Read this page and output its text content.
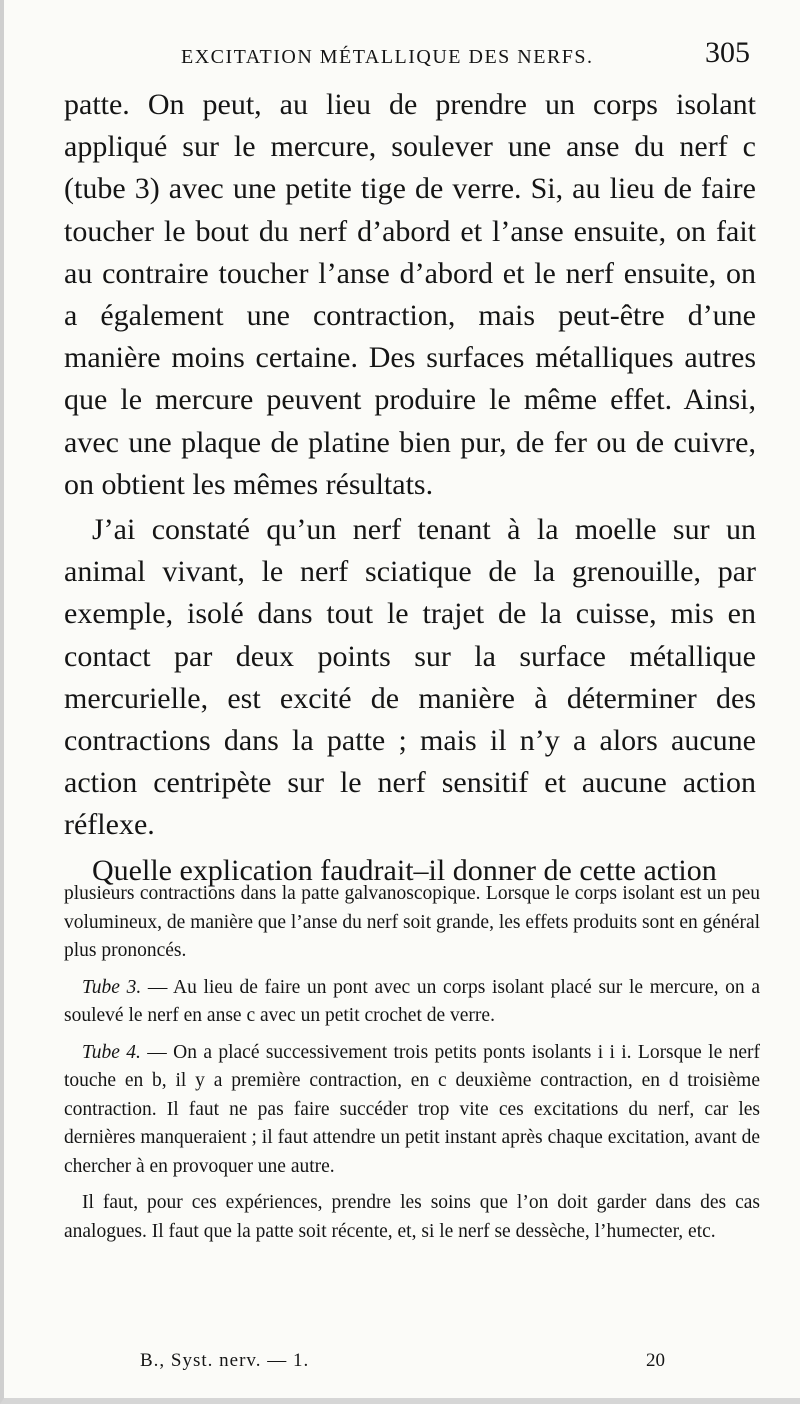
EXCITATION MÉTALLIQUE DES NERFS.	305

patte. On peut, au lieu de prendre un corps isolant appliqué sur le mercure, soulever une anse du nerf c (tube 3) avec une petite tige de verre. Si, au lieu de faire toucher le bout du nerf d’abord et l’anse ensuite, on fait au contraire toucher l’anse d’abord et le nerf ensuite, on a également une contraction, mais peut-être d’une manière moins certaine. Des surfaces métalliques autres que le mercure peuvent produire le même effet. Ainsi, avec une plaque de platine bien pur, de fer ou de cuivre, on obtient les mêmes résultats.

J’ai constaté qu’un nerf tenant à la moelle sur un animal vivant, le nerf sciatique de la grenouille, par exemple, isolé dans tout le trajet de la cuisse, mis en contact par deux points sur la surface métallique mercurielle, est excité de manière à déterminer des contractions dans la patte ; mais il n’y a alors aucune action centripète sur le nerf sensitif et aucune action réflexe.

Quelle explication faudrait–il donner de cette action

plusieurs contractions dans la patte galvanoscopique. Lorsque le corps isolant est un peu volumineux, de manière que l’anse du nerf soit grande, les effets produits sont en général plus prononcés.

Tube 3. — Au lieu de faire un pont avec un corps isolant placé sur le mercure, on a soulevé le nerf en anse c avec un petit crochet de verre.

Tube 4. — On a placé successivement trois petits ponts isolants i i i. Lorsque le nerf touche en b, il y a première contraction, en c deuxième contraction, en d troisième contraction. Il faut ne pas faire succéder trop vite ces excitations du nerf, car les dernières manqueraient ; il faut attendre un petit instant après chaque excitation, avant de chercher à en provoquer une autre.

Il faut, pour ces expériences, prendre les soins que l’on doit garder dans des cas analogues. Il faut que la patte soit récente, et, si le nerf se dessèche, l’humecter, etc.

B., Syst. nerv. — 1.	20
